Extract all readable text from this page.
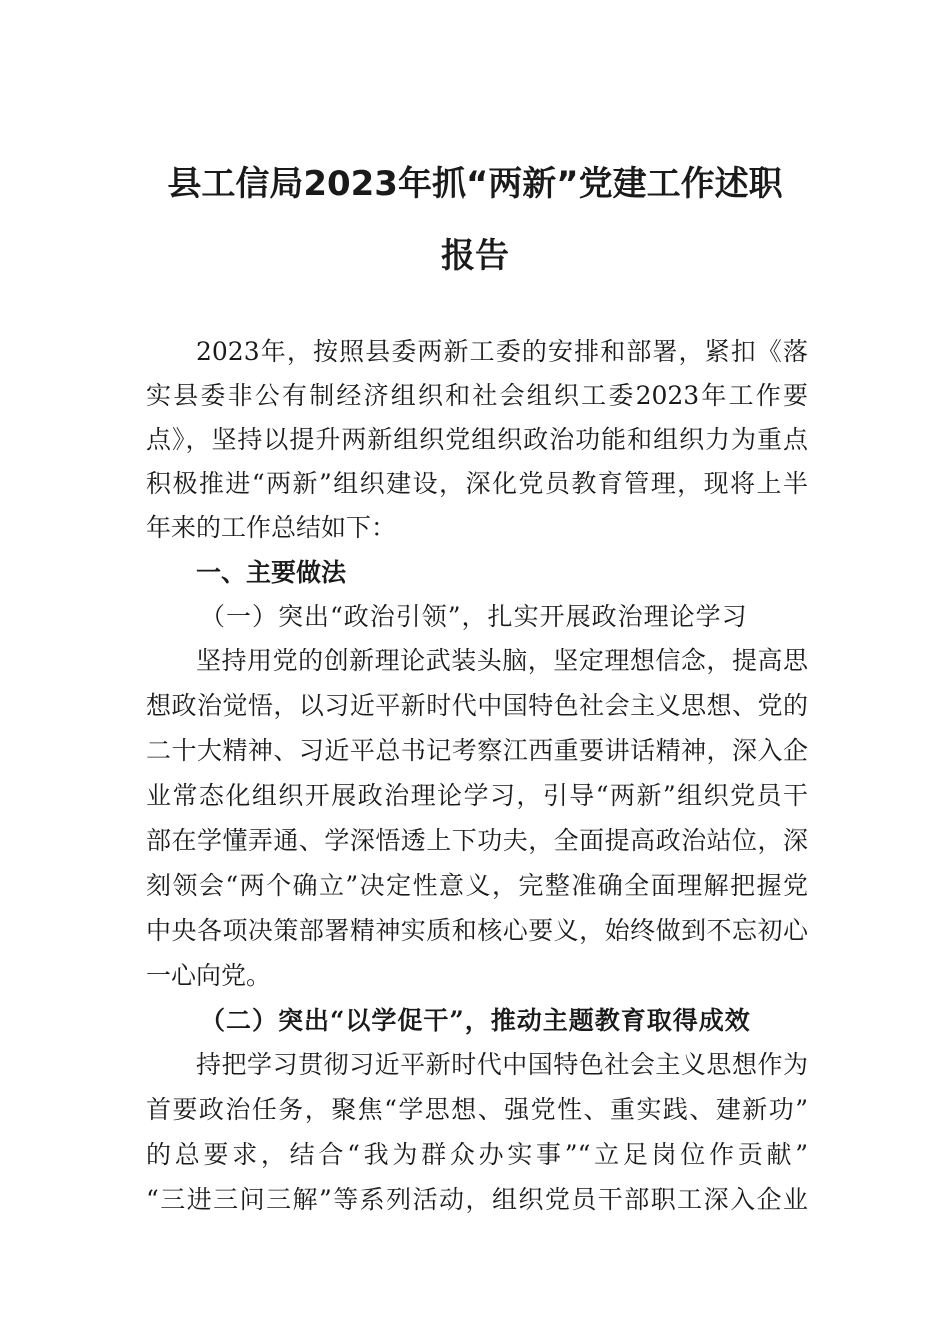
县工信局2023年抓“两新”党建工作述职
报告
2023年，按照县委两新工委的安排和部署，紧扣《落
实县委非公有制经济组织和社会组织工委2023年工作要
点》，坚持以提升两新组织党组织政治功能和组织力为重点
积极推进“两新”组织建设，深化党员教育管理，现将上半
年来的工作总结如下：
一、主要做法
（一）突出“政治引领”，扎实开展政治理论学习
坚持用党的创新理论武装头脑，坚定理想信念，提高思
想政治觉悟，以习近平新时代中国特色社会主义思想、党的
二十大精神、习近平总书记考察江西重要讲话精神，深入企
业常态化组织开展政治理论学习，引导“两新”组织党员干
部在学懂弄通、学深悟透上下功夫，全面提高政治站位，深
刻领会“两个确立”决定性意义，完整准确全面理解把握党
中央各项决策部署精神实质和核心要义，始终做到不忘初心
一心向党。
（二）突出“以学促干”，推动主题教育取得成效
持把学习贯彻习近平新时代中国特色社会主义思想作为
首要政治任务，聚焦“学思想、强党性、重实践、建新功”
的总要求，结合“我为群众办实事”“立足岗位作贡献”
“三进三问三解”等系列活动，组织党员干部职工深入企业
